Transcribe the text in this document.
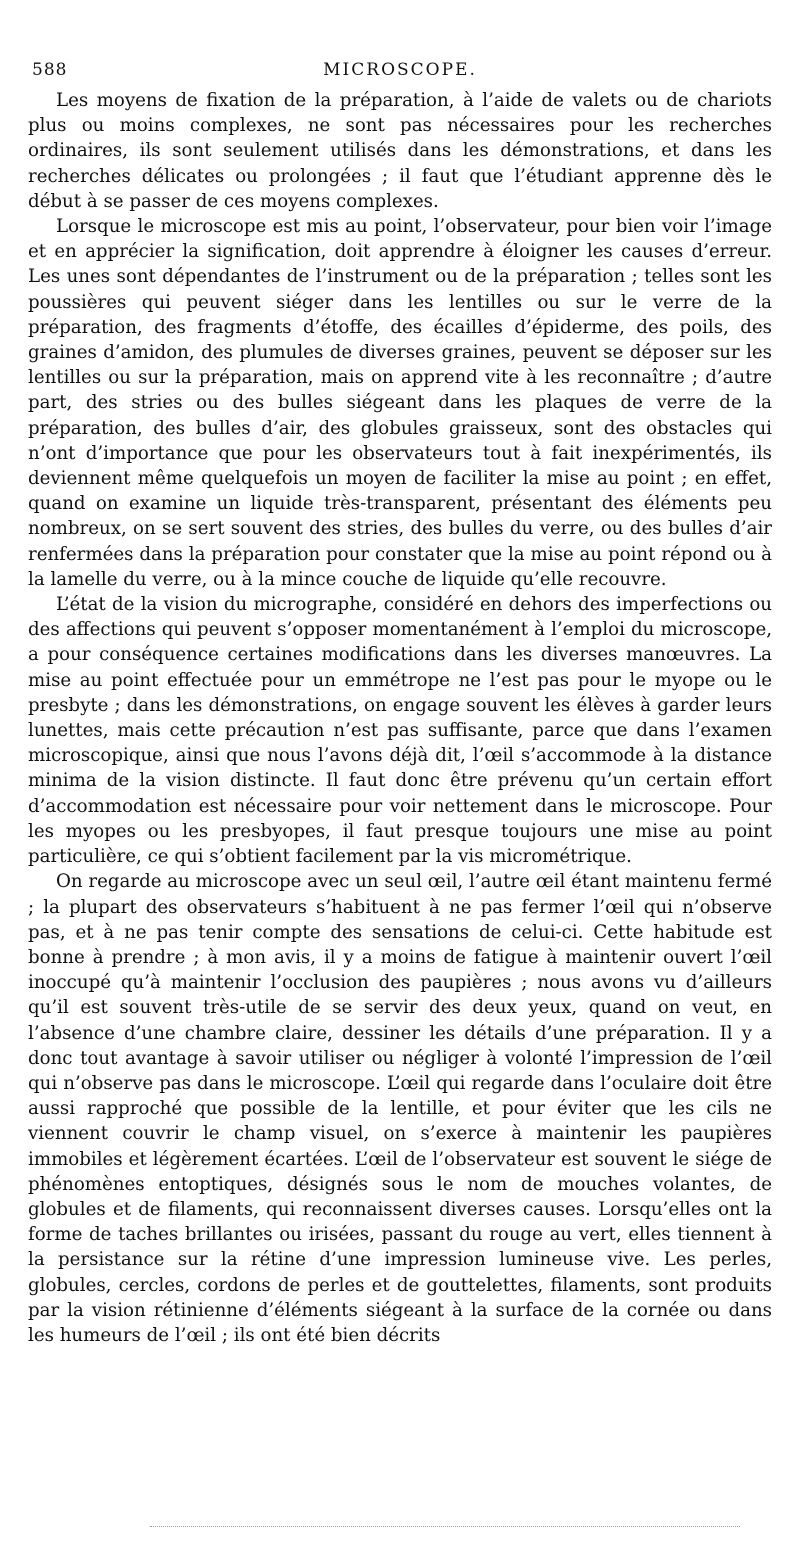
588	MICROSCOPE.

Les moyens de fixation de la préparation, à l’aide de valets ou de chariots plus ou moins complexes, ne sont pas nécessaires pour les recherches ordinaires, ils sont seulement utilisés dans les démonstrations, et dans les recherches délicates ou prolongées ; il faut que l’étudiant apprenne dès le début à se passer de ces moyens complexes.

Lorsque le microscope est mis au point, l’observateur, pour bien voir l’image et en apprécier la signification, doit apprendre à éloigner les causes d’erreur. Les unes sont dépendantes de l’instrument ou de la préparation ; telles sont les poussières qui peuvent siéger dans les lentilles ou sur le verre de la préparation, des fragments d’étoffe, des écailles d’épiderme, des poils, des graines d’amidon, des plumules de diverses graines, peuvent se déposer sur les lentilles ou sur la préparation, mais on apprend vite à les reconnaître ; d’autre part, des stries ou des bulles siégeant dans les plaques de verre de la préparation, des bulles d’air, des globules graisseux, sont des obstacles qui n’ont d’importance que pour les observateurs tout à fait inexpérimentés, ils deviennent même quelquefois un moyen de faciliter la mise au point ; en effet, quand on examine un liquide très-transparent, présentant des éléments peu nombreux, on se sert souvent des stries, des bulles du verre, ou des bulles d’air renfermées dans la préparation pour constater que la mise au point répond ou à la lamelle du verre, ou à la mince couche de liquide qu’elle recouvre.

L’état de la vision du micrographe, considéré en dehors des imperfections ou des affections qui peuvent s’opposer momentanément à l’emploi du microscope, a pour conséquence certaines modifications dans les diverses manœuvres. La mise au point effectuée pour un emmétrope ne l’est pas pour le myope ou le presbyte ; dans les démonstrations, on engage souvent les élèves à garder leurs lunettes, mais cette précaution n’est pas suffisante, parce que dans l’examen microscopique, ainsi que nous l’avons déjà dit, l’œil s’accommode à la distance minima de la vision distincte. Il faut donc être prévenu qu’un certain effort d’accommodation est nécessaire pour voir nettement dans le microscope. Pour les myopes ou les presbyopes, il faut presque toujours une mise au point particulière, ce qui s’obtient facilement par la vis micrométrique.

On regarde au microscope avec un seul œil, l’autre œil étant maintenu fermé ; la plupart des observateurs s’habituent à ne pas fermer l’œil qui n’observe pas, et à ne pas tenir compte des sensations de celui-ci. Cette habitude est bonne à prendre ; à mon avis, il y a moins de fatigue à maintenir ouvert l’œil inoccupé qu’à maintenir l’occlusion des paupières ; nous avons vu d’ailleurs qu’il est souvent très-utile de se servir des deux yeux, quand on veut, en l’absence d’une chambre claire, dessiner les détails d’une préparation. Il y a donc tout avantage à savoir utiliser ou négliger à volonté l’impression de l’œil qui n’observe pas dans le microscope. L’œil qui regarde dans l’oculaire doit être aussi rapproché que possible de la lentille, et pour éviter que les cils ne viennent couvrir le champ visuel, on s’exerce à maintenir les paupières immobiles et légèrement écartées. L’œil de l’observateur est souvent le siége de phénomènes entoptiques, désignés sous le nom de mouches volantes, de globules et de filaments, qui reconnaissent diverses causes. Lorsqu’elles ont la forme de taches brillantes ou irisées, passant du rouge au vert, elles tiennent à la persistance sur la rétine d’une impression lumineuse vive. Les perles, globules, cercles, cordons de perles et de gouttelettes, filaments, sont produits par la vision rétinienne d’éléments siégeant à la surface de la cornée ou dans les humeurs de l’œil ; ils ont été bien décrits
